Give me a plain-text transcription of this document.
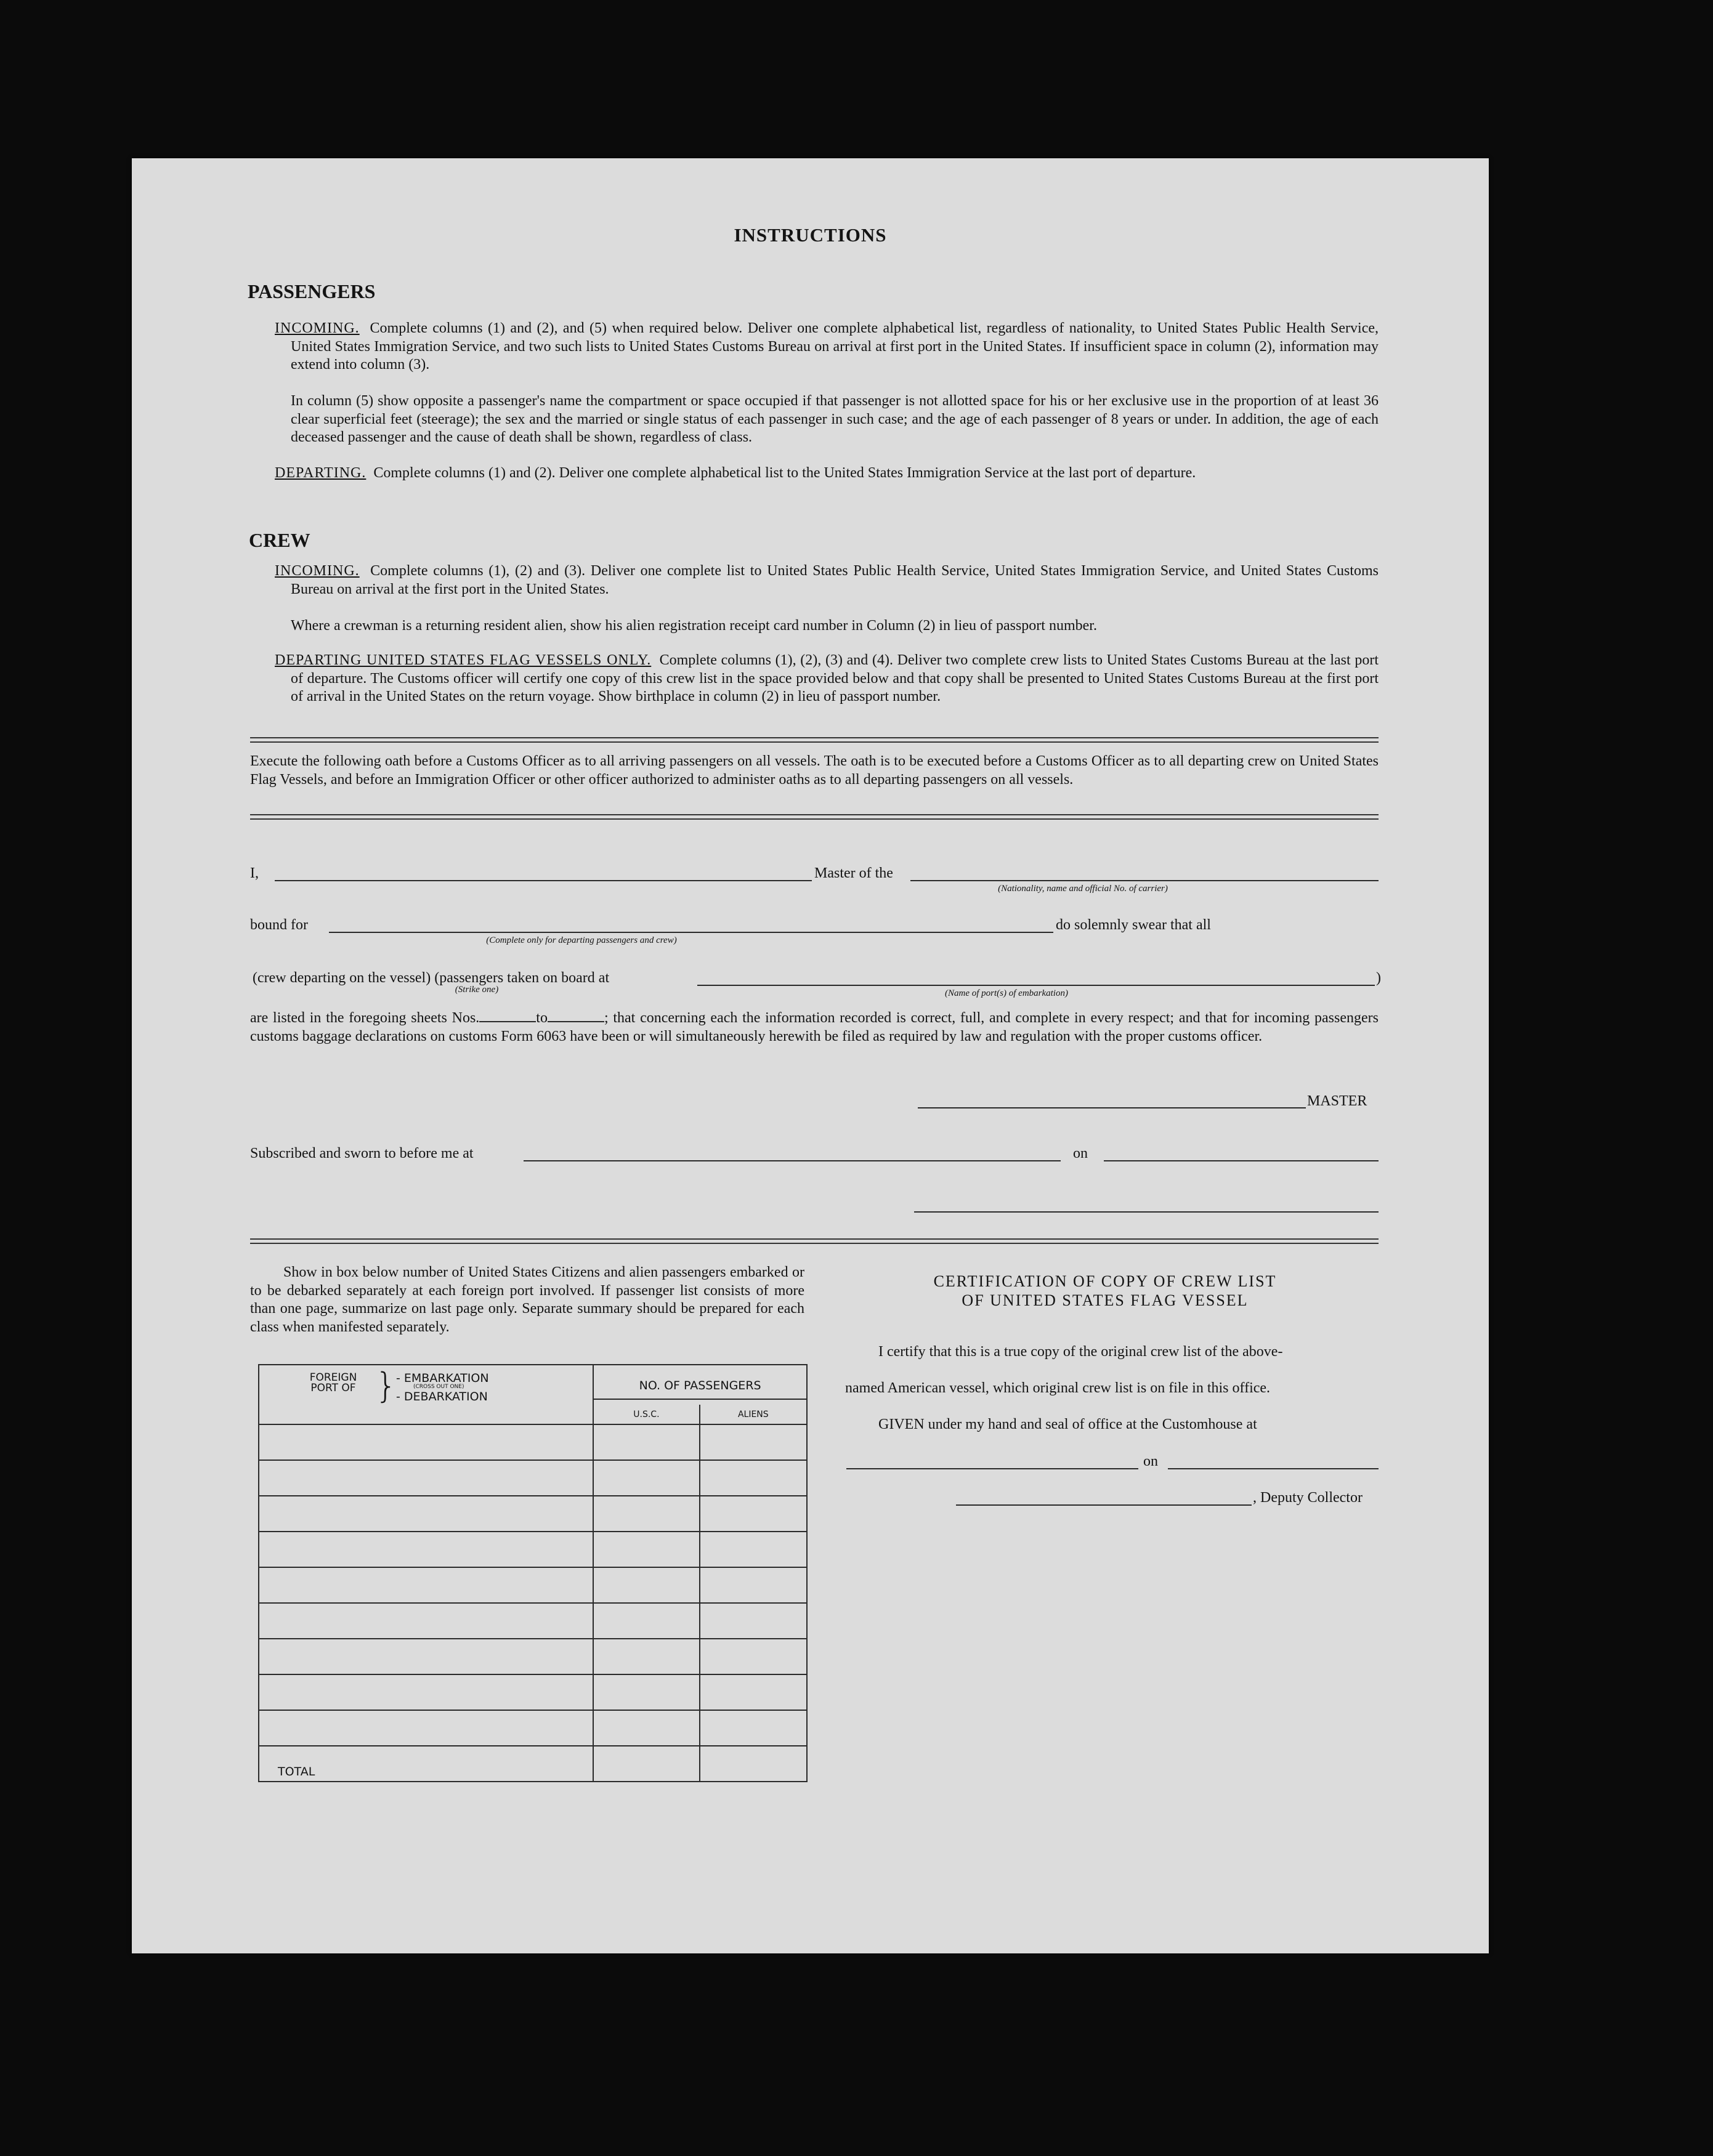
INSTRUCTIONS
PASSENGERS
INCOMING. Complete columns (1) and (2), and (5) when required below. Deliver one complete alphabetical list, regardless of nationality, to United States Public Health Service, United States Immigration Service, and two such lists to United States Customs Bureau on arrival at first port in the United States. If insufficient space in column (2), information may extend into column (3).
In column (5) show opposite a passenger's name the compartment or space occupied if that passenger is not allotted space for his or her exclusive use in the proportion of at least 36 clear superficial feet (steerage); the sex and the married or single status of each passenger in such case; and the age of each passenger of 8 years or under. In addition, the age of each deceased passenger and the cause of death shall be shown, regardless of class.
DEPARTING. Complete columns (1) and (2). Deliver one complete alphabetical list to the United States Immigration Service at the last port of departure.
CREW
INCOMING. Complete columns (1), (2) and (3). Deliver one complete list to United States Public Health Service, United States Immigration Service, and United States Customs Bureau on arrival at the first port in the United States.
Where a crewman is a returning resident alien, show his alien registration receipt card number in Column (2) in lieu of passport number.
DEPARTING UNITED STATES FLAG VESSELS ONLY. Complete columns (1), (2), (3) and (4). Deliver two complete crew lists to United States Customs Bureau at the last port of departure. The Customs officer will certify one copy of this crew list in the space provided below and that copy shall be presented to United States Customs Bureau at the first port of arrival in the United States on the return voyage. Show birthplace in column (2) in lieu of passport number.
Execute the following oath before a Customs Officer as to all arriving passengers on all vessels. The oath is to be executed before a Customs Officer as to all departing crew on United States Flag Vessels, and before an Immigration Officer or other officer authorized to administer oaths as to all departing passengers on all vessels.
I,	Master of the
(Nationality, name and official No. of carrier)
bound for
(Complete only for departing passengers and crew)
do solemnly swear that all
(crew departing on the vessel) (passengers taken on board at
(Strike one)	(Name of port(s) of embarkation)
)
are listed in the foregoing sheets Nos.	to	; that concerning each the information recorded is correct, full, and complete in every respect; and that for incoming passengers customs baggage declarations on customs Form 6063 have been or will simultaneously herewith be filed as required by law and regulation with the proper customs officer.
MASTER
Subscribed and sworn to before me at	on
Show in box below number of United States Citizens and alien passengers embarked or to be debarked separately at each foreign port involved. If passenger list consists of more than one page, summarize on last page only. Separate summary should be prepared for each class when manifested separately.
FOREIGN PORT OF }
- EMBARKATION
(CROSS OUT ONE)
- DEBARKATION	NO. OF PASSENGERS	

	U.S.C.	ALIENS

TOTAL		
CERTIFICATION OF COPY OF CREW LIST
OF UNITED STATES FLAG VESSEL
I certify that this is a true copy of the original crew list of the above-
named American vessel, which original crew list is on file in this office.
GIVEN under my hand and seal of office at the Customhouse at
on
, Deputy Collector
